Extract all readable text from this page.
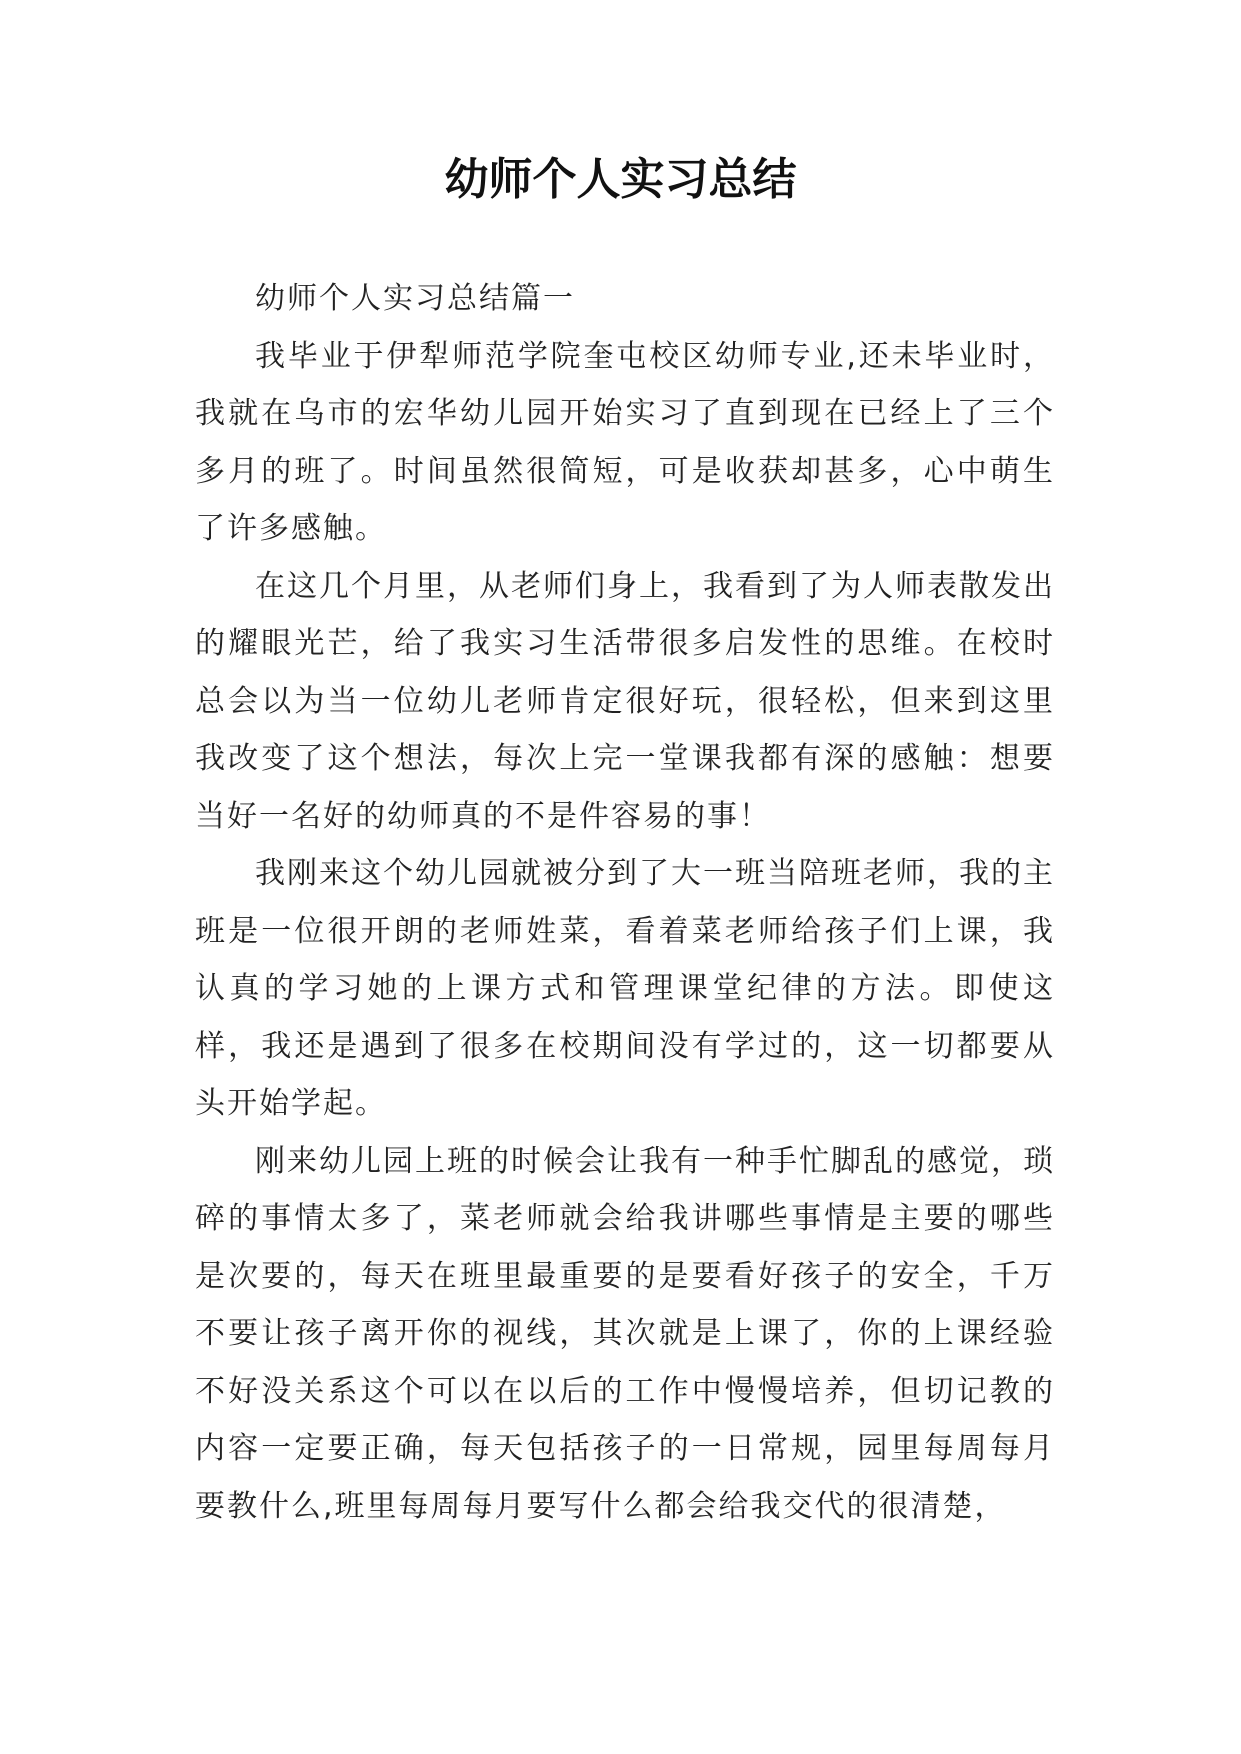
幼师个人实习总结

幼师个人实习总结篇一

我毕业于伊犁师范学院奎屯校区幼师专业,还未毕业时，我就在乌市的宏华幼儿园开始实习了直到现在已经上了三个多月的班了。时间虽然很简短，可是收获却甚多，心中萌生了许多感触。

在这几个月里，从老师们身上，我看到了为人师表散发出的耀眼光芒，给了我实习生活带很多启发性的思维。在校时总会以为当一位幼儿老师肯定很好玩，很轻松，但来到这里我改变了这个想法，每次上完一堂课我都有深的感触：想要当好一名好的幼师真的不是件容易的事！

我刚来这个幼儿园就被分到了大一班当陪班老师，我的主班是一位很开朗的老师姓菜，看着菜老师给孩子们上课，我认真的学习她的上课方式和管理课堂纪律的方法。即使这样，我还是遇到了很多在校期间没有学过的，这一切都要从头开始学起。

刚来幼儿园上班的时候会让我有一种手忙脚乱的感觉，琐碎的事情太多了，菜老师就会给我讲哪些事情是主要的哪些是次要的，每天在班里最重要的是要看好孩子的安全，千万不要让孩子离开你的视线，其次就是上课了，你的上课经验不好没关系这个可以在以后的工作中慢慢培养，但切记教的内容一定要正确，每天包括孩子的一日常规，园里每周每月要教什么,班里每周每月要写什么都会给我交代的很清楚，
